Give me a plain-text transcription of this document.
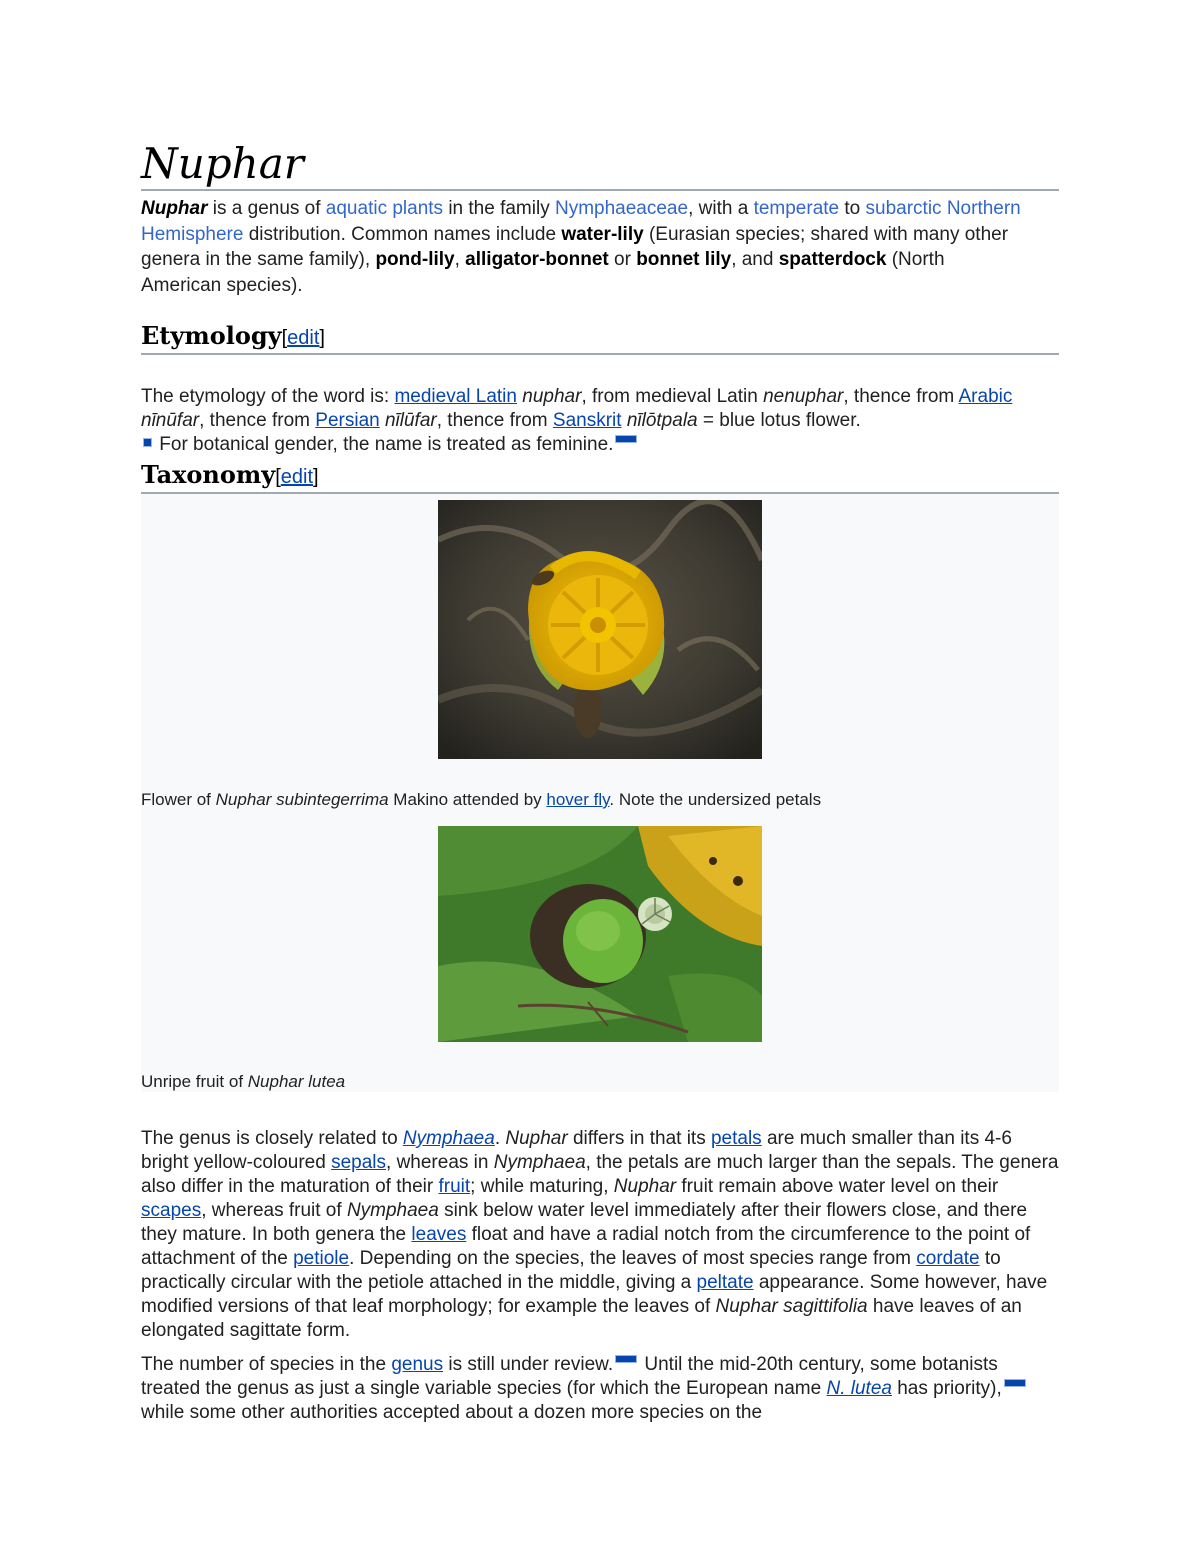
Nuphar

Nuphar is a genus of aquatic plants in the family Nymphaeaceae, with a temperate to subarctic Northern Hemisphere distribution. Common names include water-lily (Eurasian species; shared with many other genera in the same family), pond-lily, alligator-bonnet or bonnet lily, and spatterdock (North American species).

Etymology[edit]

The etymology of the word is: medieval Latin nuphar, from medieval Latin nenuphar, thence from Arabic nīnūfar, thence from Persian nīlūfar, thence from Sanskrit nīlōtpala = blue lotus flower.
For botanical gender, the name is treated as feminine.

Taxonomy[edit]
Flower of Nuphar subintegerrima Makino attended by hover fly. Note the undersized petals
Unripe fruit of Nuphar lutea

The genus is closely related to Nymphaea. Nuphar differs in that its petals are much smaller than its 4-6 bright yellow-coloured sepals, whereas in Nymphaea, the petals are much larger than the sepals. The genera also differ in the maturation of their fruit; while maturing, Nuphar fruit remain above water level on their scapes, whereas fruit of Nymphaea sink below water level immediately after their flowers close, and there they mature. In both genera the leaves float and have a radial notch from the circumference to the point of attachment of the petiole. Depending on the species, the leaves of most species range from cordate to practically circular with the petiole attached in the middle, giving a peltate appearance. Some however, have modified versions of that leaf morphology; for example the leaves of Nuphar sagittifolia have leaves of an elongated sagittate form.

The number of species in the genus is still under review. Until the mid-20th century, some botanists treated the genus as just a single variable species (for which the European name N. lutea has priority), while some other authorities accepted about a dozen more species on the
